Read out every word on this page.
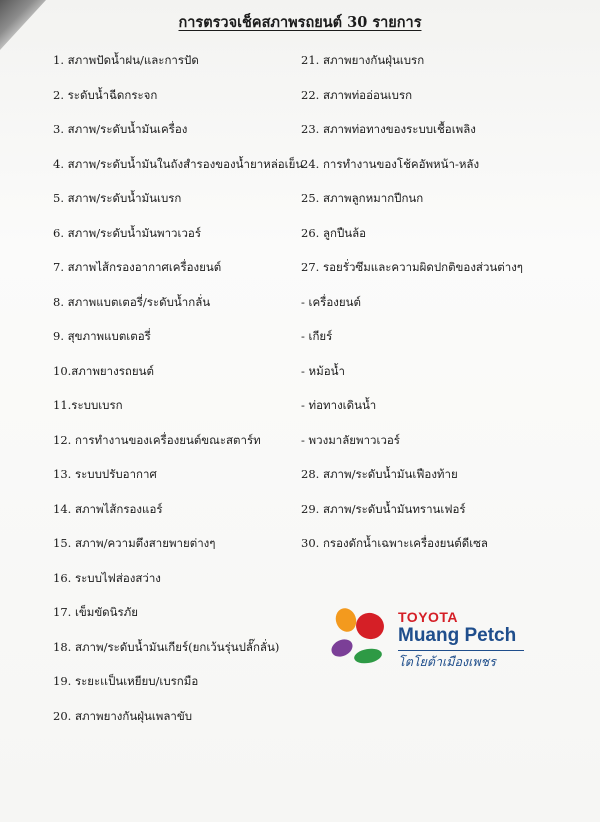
การตรวจเช็คสภาพรถยนต์ 30 รายการ
1. สภาพปัดน้ำฝน/และการปัด
2. ระดับน้ำฉีดกระจก
3. สภาพ/ระดับน้ำมันเครื่อง
4. สภาพ/ระดับน้ำมันในถังสำรองของน้ำยาหล่อเย็น
5. สภาพ/ระดับน้ำมันเบรก
6. สภาพ/ระดับน้ำมันพาวเวอร์
7. สภาพไส้กรองอากาศเครื่องยนต์
8. สภาพแบตเตอรี่/ระดับน้ำกลั่น
9. สุขภาพแบตเตอรี่
10.สภาพยางรถยนต์
11.ระบบเบรก
12. การทำงานของเครื่องยนต์ขณะสตาร์ท
13. ระบบปรับอากาศ
14. สภาพไส้กรองแอร์
15. สภาพ/ความตึงสายพายต่างๆ
16. ระบบไฟส่องสว่าง
17. เข็มขัดนิรภัย
18. สภาพ/ระดับน้ำมันเกียร์(ยกเว้นรุ่นปลั๊กลั่น)
19. ระยะเเป็นเหยียบ/เบรกมือ
20. สภาพยางกันฝุ่นเพลาขับ
21. สภาพยางกันฝุ่นเบรก
22. สภาพท่ออ่อนเบรก
23. สภาพท่อทางของระบบเชื้อเพลิง
24. การทำงานของโช้คอัพหน้า-หลัง
25. สภาพลูกหมากปีกนก
26. ลูกปืนล้อ
27. รอยรั่วซึมและความผิดปกติของส่วนต่างๆ
- เครื่องยนต์
- เกียร์
- หม้อน้ำ
- ท่อทางเดินน้ำ
- พวงมาลัยพาวเวอร์
28. สภาพ/ระดับน้ำมันเฟืองท้าย
29. สภาพ/ระดับน้ำมันทรานเฟอร์
30. กรองดักน้ำเฉพาะเครื่องยนต์ดีเซล
TOYOTA
Muang Petch
โตโยต้าเมืองเพชร
